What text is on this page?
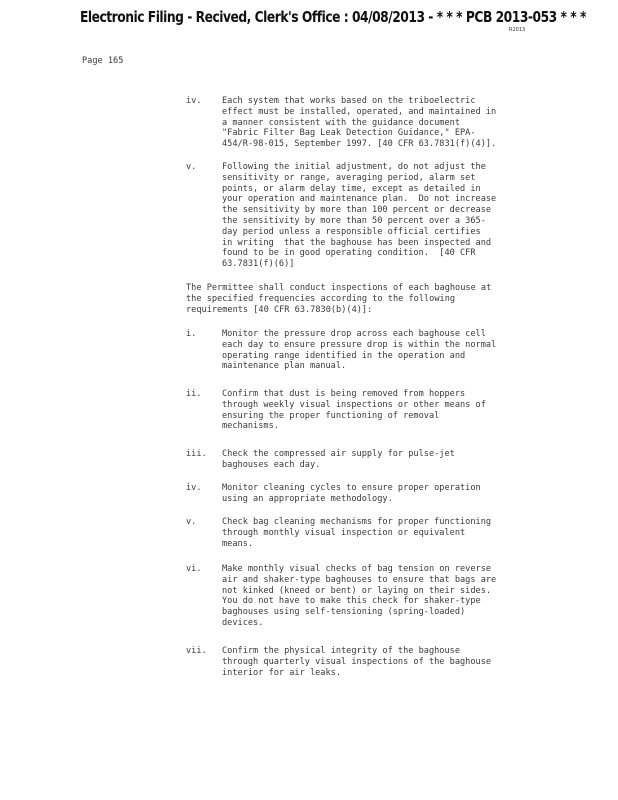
Electronic Filing - Recived, Clerk's Office : 04/08/2013 - * * * PCB 2013-053 * * *
R2013
Page 165
iv. Each system that works based on the triboelectric
effect must be installed, operated, and maintained in
a manner consistent with the guidance document
"Fabric Filter Bag Leak Detection Guidance," EPA-
454/R-98-015, September 1997. [40 CFR 63.7831(f)(4)].
v.	Following the initial adjustment, do not adjust the
sensitivity or range, averaging period, alarm set
points, or alarm delay time, except as detailed in
your operation and maintenance plan.  Do not increase
the sensitivity by more than 100 percent or decrease
the sensitivity by more than 50 percent over a 365-
day period unless a responsible official certifies
in writing  that the baghouse has been inspected and
found to be in good operating condition.  [40 CFR
63.7831(f)(6)]
The Permittee shall conduct inspections of each baghouse at
the specified frequencies according to the following
requirements [40 CFR 63.7830(b)(4)]:
i.	Monitor the pressure drop across each baghouse cell
each day to ensure pressure drop is within the normal
operating range identified in the operation and
maintenance plan manual.
ii. Confirm that dust is being removed from hoppers
through weekly visual inspections or other means of
ensuring the proper functioning of removal
mechanisms.
iii. Check the compressed air supply for pulse-jet
baghouses each day.
iv. Monitor cleaning cycles to ensure proper operation
using an appropriate methodology.
v.	Check bag cleaning mechanisms for proper functioning
through monthly visual inspection or equivalent
means.
vi. Make monthly visual checks of bag tension on reverse
air and shaker-type baghouses to ensure that bags are
not kinked (kneed or bent) or laying on their sides.
You do not have to make this check for shaker-type
baghouses using self-tensioning (spring-loaded)
devices.
vii. Confirm the physical integrity of the baghouse
through quarterly visual inspections of the baghouse
interior for air leaks.
